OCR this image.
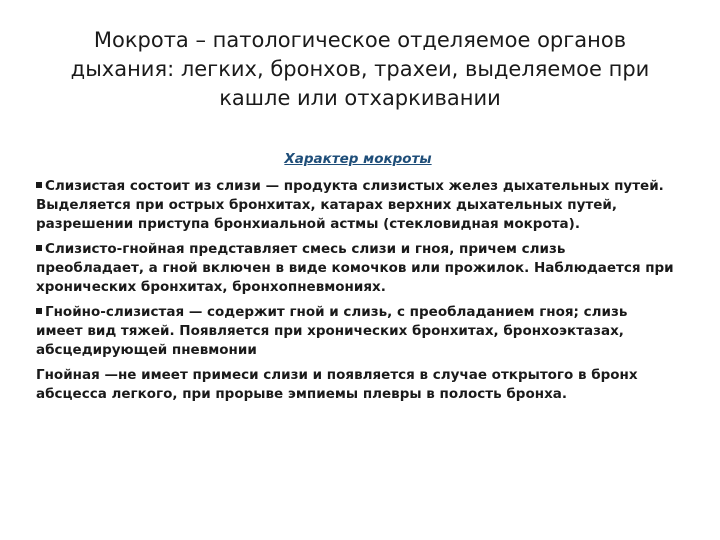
Мокрота – патологическое отделяемое органов дыхания: легких, бронхов, трахеи, выделяемое при кашле или отхаркивании
Характер мокроты

Слизистая состоит из слизи — продукта слизистых желез дыхательных путей. Выделяется при острых бронхитах, катарах верхних дыхательных путей, разрешении приступа бронхиальной астмы (стекловидная мокрота).

Слизисто-гнойная представляет смесь слизи и гноя, причем слизь преобладает, а гной включен в виде комочков или прожилок. Наблюдается при хронических бронхитах, бронхопневмониях.

Гнойно-слизистая — содержит гной и слизь, с преобладанием гноя; слизь имеет вид тяжей. Появляется при хронических бронхитах, бронхоэктазах, абсцедирующей пневмонии

Гнойная —не имеет примеси слизи и появляется в случае открытого в бронх абсцесса легкого, при прорыве эмпиемы плевры в полость бронха.
